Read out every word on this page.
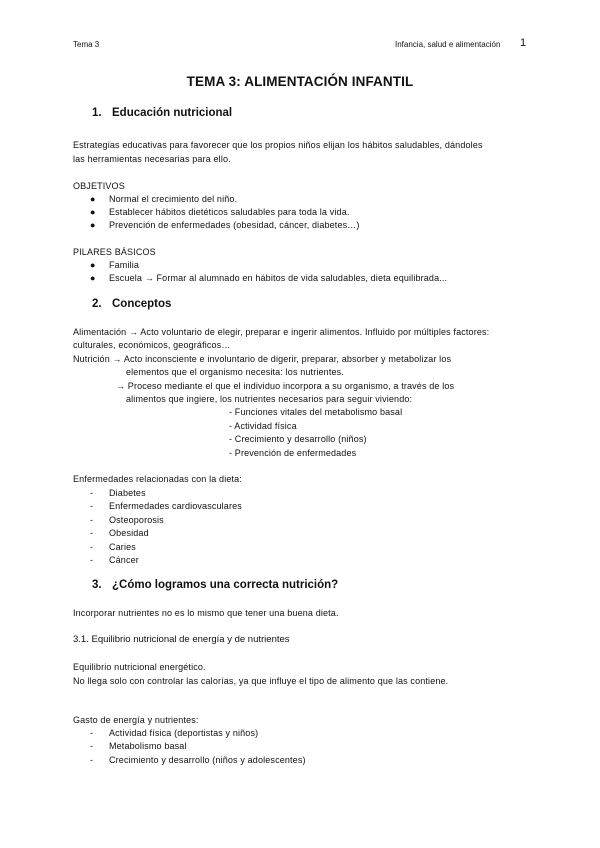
Tema 3	Infancia, salud e alimentación 1
TEMA 3: ALIMENTACIÓN INFANTIL
1. Educación nutricional
Estrategias educativas para favorecer que los propios niños elijan los hábitos saludables, dándoles
las herramientas necesarias para ello.
OBJETIVOS
● Normal el crecimiento del niño.
● Establecer hábitos dietéticos saludables para toda la vida.
● Prevención de enfermedades (obesidad, cáncer, diabetes…)
PILARES BÁSICOS
● Familia
● Escuela → Formar al alumnado en hábitos de vida saludables, dieta equilibrada...
2. Conceptos
Alimentación → Acto voluntario de elegir, preparar e ingerir alimentos. Influido por múltiples factores:
culturales, económicos, geográficos…
Nutrición → Acto inconsciente e involuntario de digerir, preparar, absorber y metabolizar los
elementos que el organismo necesita: los nutrientes.
→ Proceso mediante el que el individuo incorpora a su organismo, a través de los
alimentos que ingiere, los nutrientes necesarios para seguir viviendo:
- Funciones vitales del metabolismo basal
- Actividad física
- Crecimiento y desarrollo (niños)
- Prevención de enfermedades
Enfermedades relacionadas con la dieta:
- Diabetes
- Enfermedades cardiovasculares
- Osteoporosis
- Obesidad
- Caries
- Cáncer
3. ¿Cómo logramos una correcta nutrición?
Incorporar nutrientes no es lo mismo que tener una buena dieta.
3.1. Equilibrio nutricional de energía y de nutrientes
Equilibrio nutricional energético.
No llega solo con controlar las calorías, ya que influye el tipo de alimento que las contiene.
Gasto de energía y nutrientes:
- Actividad física (deportistas y niños)
- Metabolismo basal
- Crecimiento y desarrollo (niños y adolescentes)
